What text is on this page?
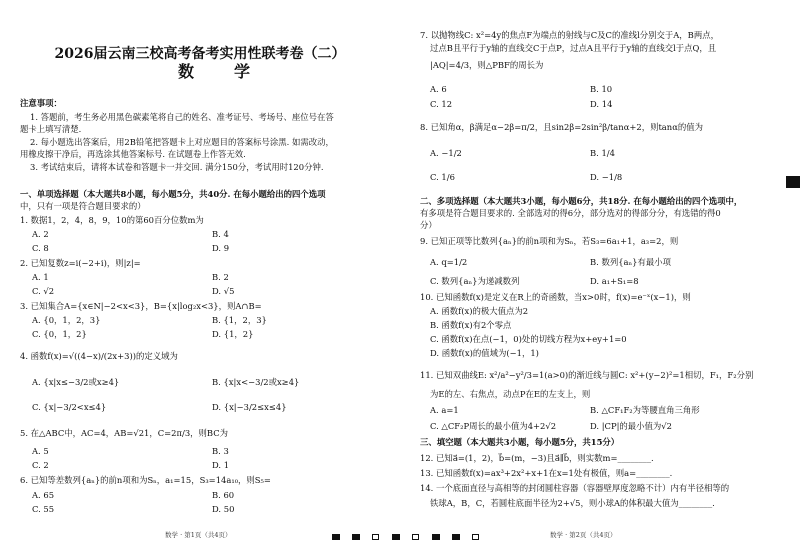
2026届云南三校高考备考实用性联考卷（二）
数　学
注意事项：
1. 答题前，考生务必用黑色碳素笔将自己的姓名、准考证号、考场号、座位号在答
题卡上填写清楚.
2. 每小题选出答案后，用2B铅笔把答题卡上对应题目的答案标号涂黑. 如需改动，
用橡皮擦干净后，再选涂其他答案标号. 在试题卷上作答无效.
3. 考试结束后，请将本试卷和答题卡一并交回. 满分150分，考试用时120分钟.
一、单项选择题（本大题共8小题，每小题5分，共40分. 在每小题给出的四个选项
中，只有一项是符合题目要求的）
1. 数据1，2，4，8，9，10的第60百分位数m为
A. 2	B. 4
C. 8	D. 9
2. 已知复数z=i(−2+i)，则|z|=
A. 1	B. 2
C. √2	D. √5
3. 已知集合A={x∈N|−2<x<3}，B={x|log₂x<3}，则A∩B=
A. {0，1，2，3}	B. {1，2，3}
C. {0，1，2}	D. {1，2}
4. 函数f(x)=√((4−x)/(2x+3))的定义域为
A. {x|x≤−3/2或x≥4}	B. {x|x<−3/2或x≥4}
C. {x|−3/2<x≤4}	D. {x|−3/2≤x≤4}
5. 在△ABC中，AC=4，AB=√21，C=2π/3，则BC为
A. 5	B. 3
C. 2	D. 1
6. 已知等差数列{aₙ}的前n项和为Sₙ，a₁=15，S₃=14a₁₀，则S₅=
A. 65	B. 60
C. 55	D. 50
数学 · 第1页（共4页）
7. 以抛物线C: x²=4y的焦点F为端点的射线与C及C的准线l分别交于A，B两点，
过点B且平行于y轴的直线交C于点P，过点A且平行于y轴的直线交l于点Q，且
|AQ|=4/3，则△PBF的周长为
A. 6	B. 10
C. 12	D. 14
8. 已知角α，β满足α−2β=π/2，且sin2β=2sin²β/tanα+2，则tanα的值为
A. −1/2	B. 1/4
C. 1/6	D. −1/8
二、多项选择题（本大题共3小题，每小题6分，共18分. 在每小题给出的四个选项中，
有多项是符合题目要求的. 全部选对的得6分，部分选对的得部分分，有选错的得0
分）
9. 已知正项等比数列{aₙ}的前n项和为Sₙ，若S₃=6a₁+1，a₃=2，则
A. q=1/2	B. 数列{aₙ}有最小项
C. 数列{aₙ}为递减数列	D. a₁+S₁=8
10. 已知函数f(x)是定义在R上的奇函数，当x>0时，f(x)=e⁻ˣ(x−1)，则
A. 函数f(x)的极大值点为2
B. 函数f(x)有2个零点
C. 函数f(x)在点(−1，0)处的切线方程为x+ey+1=0
D. 函数f(x)的值域为(−1，1)
11. 已知双曲线E: x²/a²−y²/3=1(a>0)的渐近线与圆C: x²+(y−2)²=1相切，F₁，F₂分别
为E的左、右焦点，动点P在E的左支上，则
A. a=1	B. △CF₁F₂为等腰直角三角形
C. △CF₂P周长的最小值为4+2√2	D. |CP|的最小值为√2
三、填空题（本大题共3小题，每小题5分，共15分）
12. 已知a⃗=(1，2)，b⃗=(m，−3)且a⃗∥b⃗，则实数m=________.
13. 已知函数f(x)=ax³+2x²+x+1在x=1处有极值，则a=________.
14. 一个底面直径与高相等的封闭圆柱容器（容器壁厚度忽略不计）内有半径相等的
铁球A，B，C，若圆柱底面半径为2+√5，则小球A的体积最大值为________.
数学 · 第2页（共4页）
